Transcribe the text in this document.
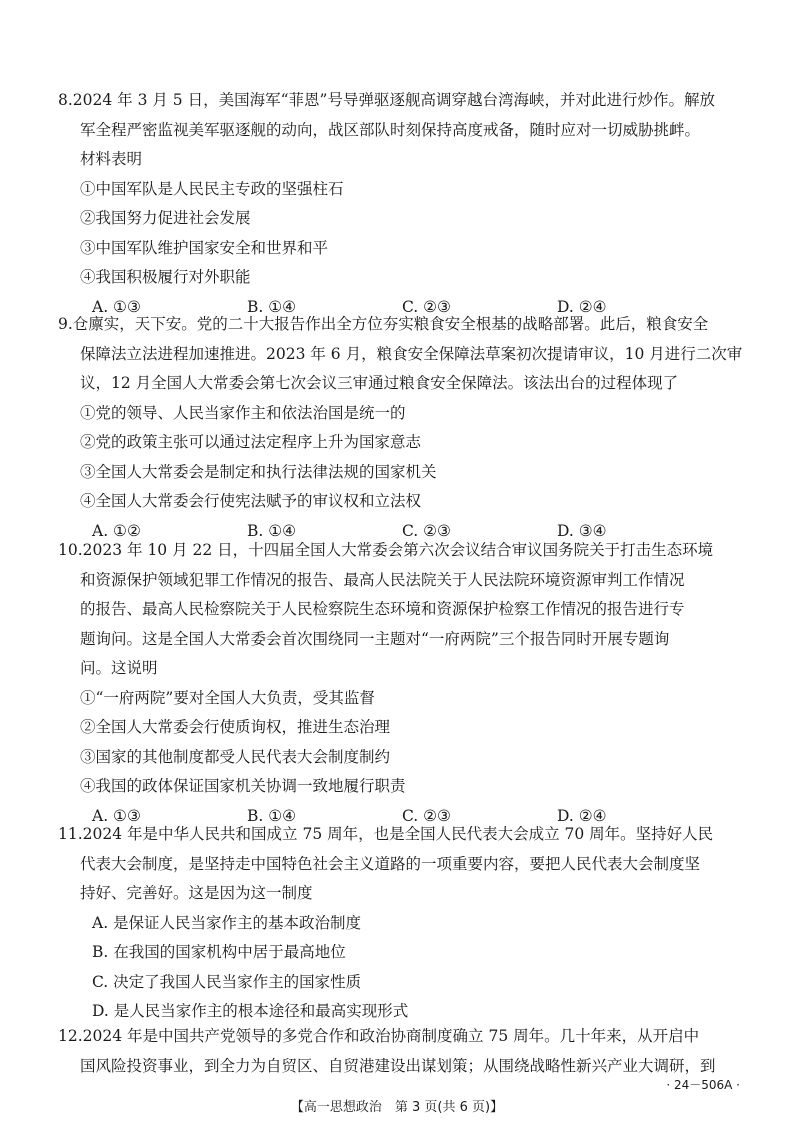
8.2024 年 3 月 5 日，美国海军“菲恩”号导弹驱逐舰高调穿越台湾海峡，并对此进行炒作。解放
军全程严密监视美军驱逐舰的动向，战区部队时刻保持高度戒备，随时应对一切威胁挑衅。
材料表明
①中国军队是人民民主专政的坚强柱石
②我国努力促进社会发展
③中国军队维护国家安全和世界和平
④我国积极履行对外职能
A. ①③	B. ①④	C. ②③	D. ②④
9.仓廪实，天下安。党的二十大报告作出全方位夯实粮食安全根基的战略部署。此后，粮食安全
保障法立法进程加速推进。2023 年 6 月，粮食安全保障法草案初次提请审议，10 月进行二次审
议，12 月全国人大常委会第七次会议三审通过粮食安全保障法。该法出台的过程体现了
①党的领导、人民当家作主和依法治国是统一的
②党的政策主张可以通过法定程序上升为国家意志
③全国人大常委会是制定和执行法律法规的国家机关
④全国人大常委会行使宪法赋予的审议权和立法权
A. ①②	B. ①④	C. ②③	D. ③④
10.2023 年 10 月 22 日，十四届全国人大常委会第六次会议结合审议国务院关于打击生态环境
和资源保护领域犯罪工作情况的报告、最高人民法院关于人民法院环境资源审判工作情况
的报告、最高人民检察院关于人民检察院生态环境和资源保护检察工作情况的报告进行专
题询问。这是全国人大常委会首次围绕同一主题对“一府两院”三个报告同时开展专题询
问。这说明
①“一府两院”要对全国人大负责，受其监督
②全国人大常委会行使质询权，推进生态治理
③国家的其他制度都受人民代表大会制度制约
④我国的政体保证国家机关协调一致地履行职责
A. ①③	B. ①④	C. ②③	D. ②④
11.2024 年是中华人民共和国成立 75 周年，也是全国人民代表大会成立 70 周年。坚持好人民
代表大会制度，是坚持走中国特色社会主义道路的一项重要内容，要把人民代表大会制度坚
持好、完善好。这是因为这一制度
A. 是保证人民当家作主的基本政治制度
B. 在我国的国家机构中居于最高地位
C. 决定了我国人民当家作主的国家性质
D. 是人民当家作主的根本途径和最高实现形式
12.2024 年是中国共产党领导的多党合作和政治协商制度确立 75 周年。几十年来，从开启中
国风险投资事业，到全力为自贸区、自贸港建设出谋划策；从围绕战略性新兴产业大调研，到
· 24－506A ·
【高一思想政治　第 3 页(共 6 页)】
